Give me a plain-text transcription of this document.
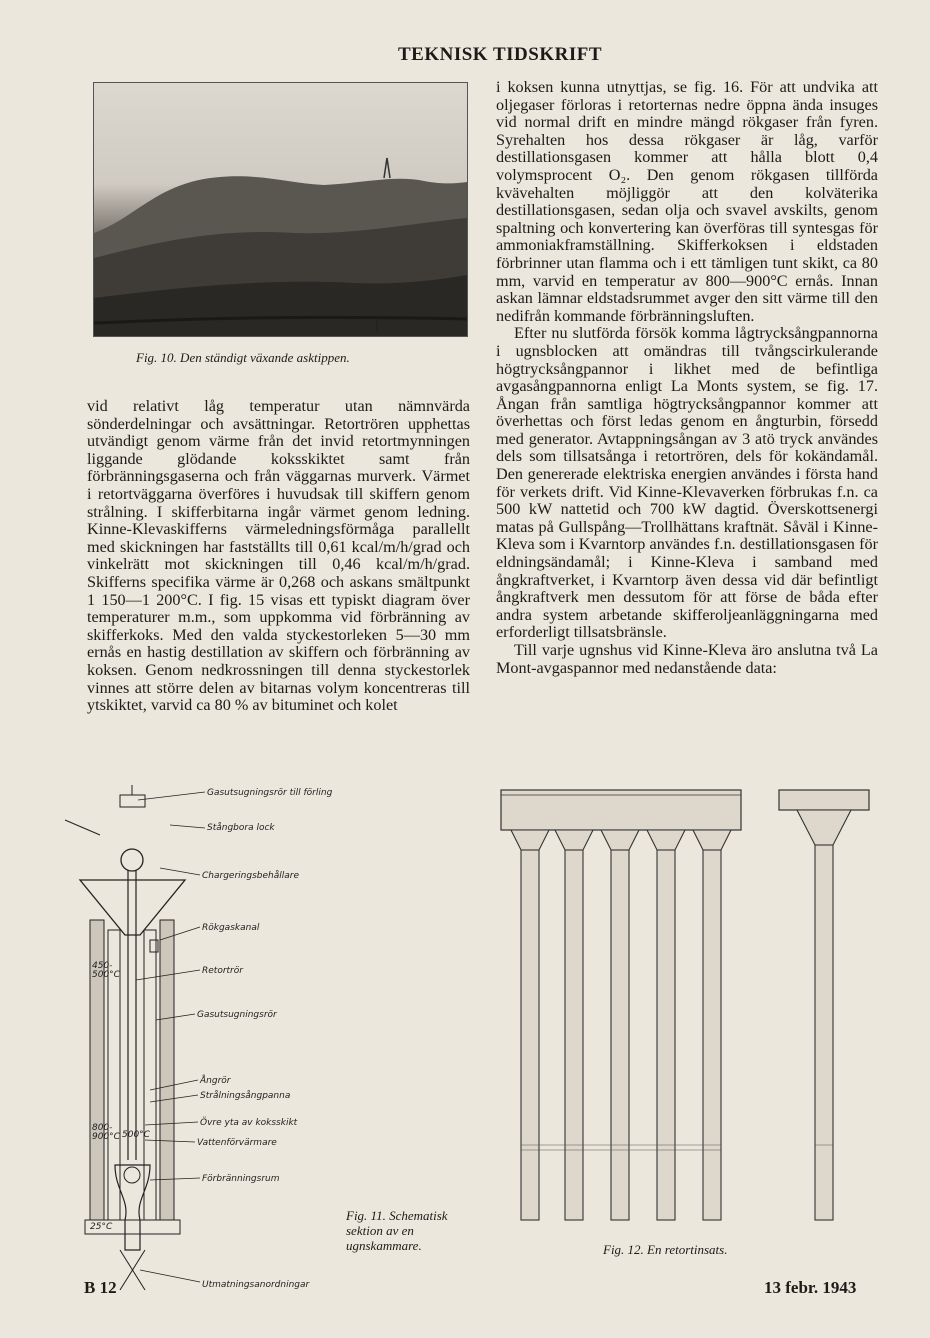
TEKNISK TIDSKRIFT
Fig. 10. Den ständigt växande asktippen.

vid relativt låg temperatur utan nämnvärda sönderdelningar och avsättningar. Retortrören upphettas utvändigt genom värme från det invid retortmynningen liggande glödande koksskiktet samt från förbränningsgaserna och från väggarnas murverk. Värmet i retortväggarna överföres i huvudsak till skiffern genom strålning. I skifferbitarna ingår värmet genom ledning. Kinne-Klevaskifferns värmeledningsförmåga parallellt med skickningen har fastställts till 0,61 kcal/m/h/grad och vinkelrätt mot skickningen till 0,46 kcal/m/h/grad. Skifferns specifika värme är 0,268 och askans smältpunkt 1 150—1 200°C. I fig. 15 visas ett typiskt diagram över temperaturer m.m., som uppkomma vid förbränning av skifferkoks. Med den valda styckestorleken 5—30 mm ernås en hastig destillation av skiffern och förbränning av koksen. Genom nedkrossningen till denna styckestorlek vinnes att större delen av bitarnas volym koncentreras till ytskiktet, varvid ca 80 % av bituminet och kolet

i koksen kunna utnyttjas, se fig. 16. För att undvika att oljegaser förloras i retorternas nedre öppna ända insuges vid normal drift en mindre mängd rökgaser från fyren. Syrehalten hos dessa rökgaser är låg, varför destillationsgasen kommer att hålla blott 0,4 volymsprocent O₂. Den genom rökgasen tillförda kvävehalten möjliggör att den kolväterika destillationsgasen, sedan olja och svavel avskilts, genom spaltning och konvertering kan överföras till syntesgas för ammoniakframställning. Skifferkoksen i eldstaden förbrinner utan flamma och i ett tämligen tunt skikt, ca 80 mm, varvid en temperatur av 800—900°C ernås. Innan askan lämnar eldstadsrummet avger den sitt värme till den nedifrån kommande förbränningsluften.

Efter nu slutförda försök komma lågtrycksångpannorna i ugnsblocken att omändras till tvångscirkulerande högtrycksångpannor i likhet med de befintliga avgasångpannorna enligt La Monts system, se fig. 17. Ångan från samtliga högtrycksångpannor kommer att överhettas och först ledas genom en ångturbin, försedd med generator. Avtappningsångan av 3 atö tryck användes dels som tillsatsånga i retortrören, dels för kokändamål. Den genererade elektriska energien användes i första hand för verkets drift. Vid Kinne-Klevaverken förbrukas f.n. ca 500 kW nattetid och 700 kW dagtid. Överskottsenergi matas på Gullspång—Trollhättans kraftnät. Såväl i Kinne-Kleva som i Kvarntorp användes f.n. destillationsgasen för eldningsändamål; i Kinne-Kleva i samband med ångkraftverket, i Kvarntorp även dessa vid där befintligt ångkraftverk men dessutom för att förse de båda efter andra system arbetande skifferoljeanläggningarna med erforderligt tillsatsbränsle.

Till varje ugnshus vid Kinne-Kleva äro anslutna två La Mont-avgaspannor med nedanstående data:

Gasutsugningsrör till förling
Stångbora lock
Chargeringsbehållare
Rökgaskanal
Retortrör
Gasutsugningsrör
Ångrör
Strålningsångpanna
Övre yta av koksskikt
Vattenförvärmare
Förbränningsrum
Utmatningsanordningar
450-
500°C
800-
900°C 500°C
25°C
Fig. 11. Schematisk sektion av en ugnskammare.	Fig. 12. En retortinsats.
B 12	13 febr. 1943
